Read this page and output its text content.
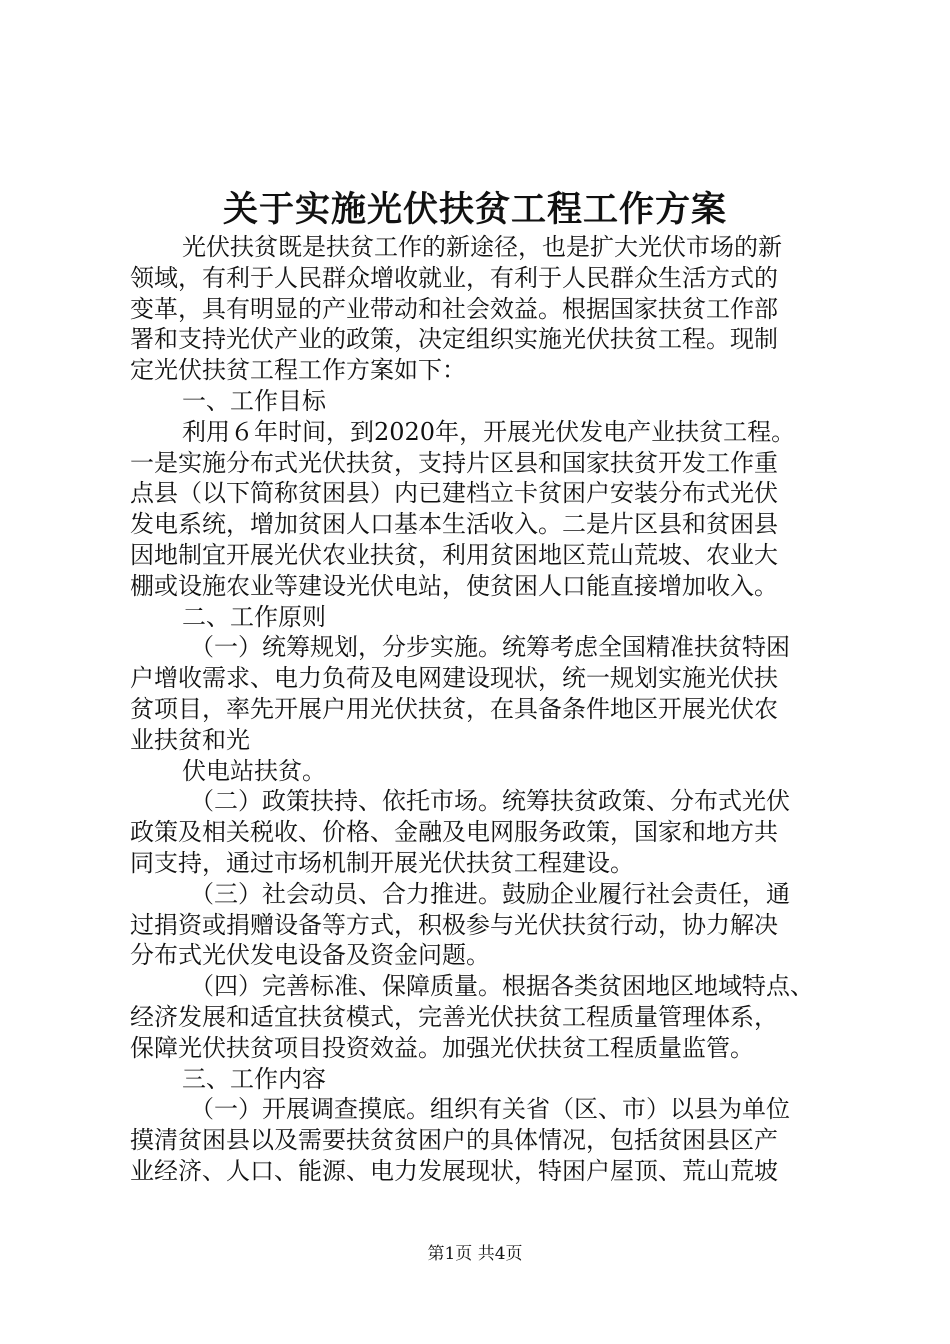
关于实施光伏扶贫工程工作方案
光伏扶贫既是扶贫工作的新途径，也是扩大光伏市场的新
领域，有利于人民群众增收就业，有利于人民群众生活方式的
变革，具有明显的产业带动和社会效益。根据国家扶贫工作部
署和支持光伏产业的政策，决定组织实施光伏扶贫工程。现制
定光伏扶贫工程工作方案如下：
一、工作目标
利用６年时间，到2020年，开展光伏发电产业扶贫工程。
一是实施分布式光伏扶贫，支持片区县和国家扶贫开发工作重
点县（以下简称贫困县）内已建档立卡贫困户安装分布式光伏
发电系统，增加贫困人口基本生活收入。二是片区县和贫困县
因地制宜开展光伏农业扶贫，利用贫困地区荒山荒坡、农业大
棚或设施农业等建设光伏电站，使贫困人口能直接增加收入。
二、工作原则
（一）统筹规划，分步实施。统筹考虑全国精准扶贫特困
户增收需求、电力负荷及电网建设现状，统一规划实施光伏扶
贫项目，率先开展户用光伏扶贫，在具备条件地区开展光伏农
业扶贫和光
伏电站扶贫。
（二）政策扶持、依托市场。统筹扶贫政策、分布式光伏
政策及相关税收、价格、金融及电网服务政策，国家和地方共
同支持，通过市场机制开展光伏扶贫工程建设。
（三）社会动员、合力推进。鼓励企业履行社会责任，通
过捐资或捐赠设备等方式，积极参与光伏扶贫行动，协力解决
分布式光伏发电设备及资金问题。
（四）完善标准、保障质量。根据各类贫困地区地域特点、
经济发展和适宜扶贫模式，完善光伏扶贫工程质量管理体系，
保障光伏扶贫项目投资效益。加强光伏扶贫工程质量监管。
三、工作内容
（一）开展调查摸底。组织有关省（区、市）以县为单位
摸清贫困县以及需要扶贫贫困户的具体情况，包括贫困县区产
业经济、人口、能源、电力发展现状，特困户屋顶、荒山荒坡
第1页 共4页
